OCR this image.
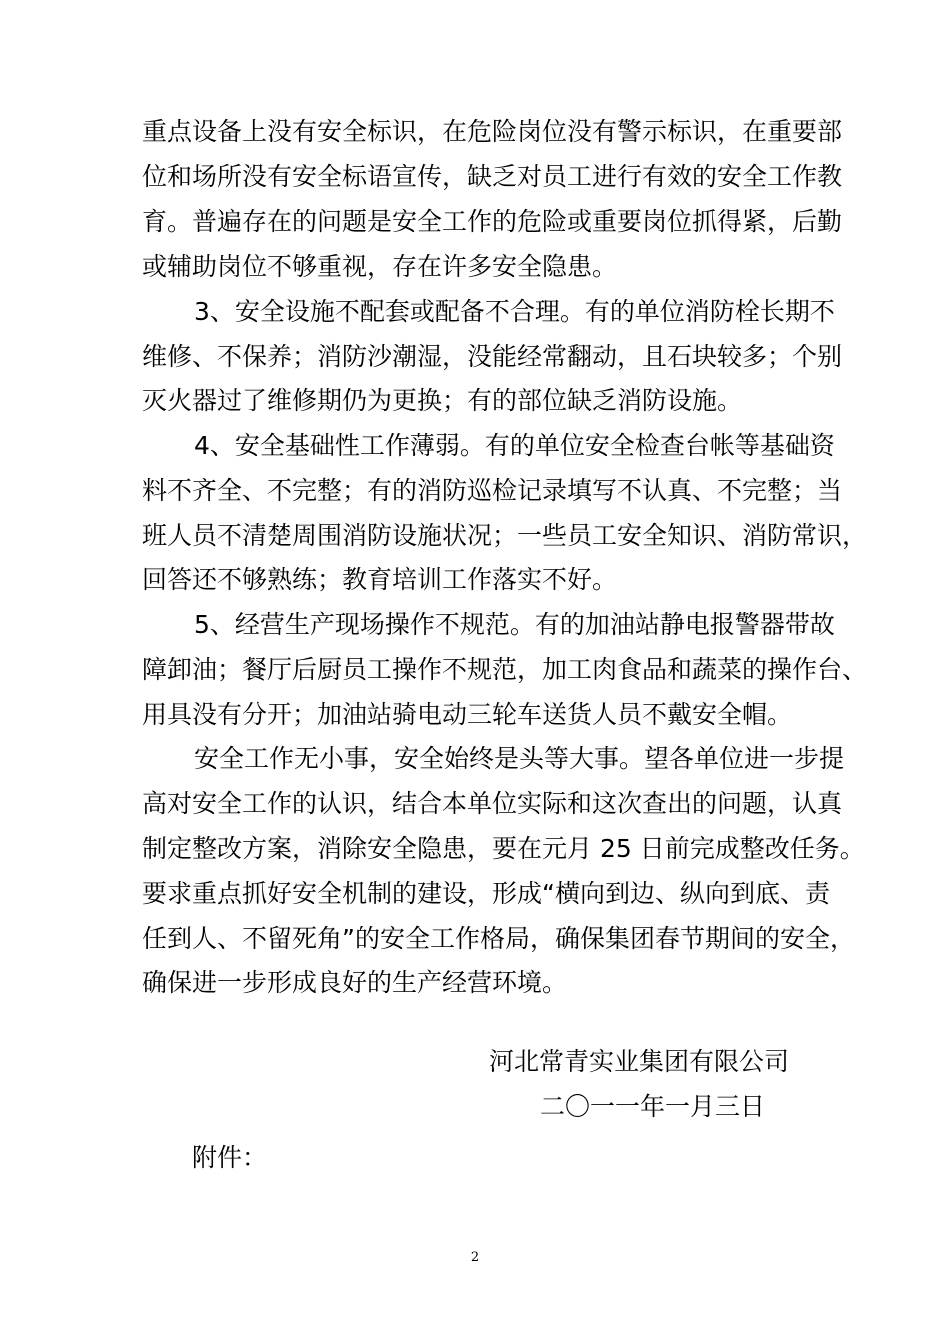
重点设备上没有安全标识，在危险岗位没有警示标识，在重要部
位和场所没有安全标语宣传，缺乏对员工进行有效的安全工作教
育。普遍存在的问题是安全工作的危险或重要岗位抓得紧，后勤
或辅助岗位不够重视，存在许多安全隐患。
3、安全设施不配套或配备不合理。有的单位消防栓长期不
维修、不保养；消防沙潮湿，没能经常翻动，且石块较多；个别
灭火器过了维修期仍为更换；有的部位缺乏消防设施。
4、安全基础性工作薄弱。有的单位安全检查台帐等基础资
料不齐全、不完整；有的消防巡检记录填写不认真、不完整；当
班人员不清楚周围消防设施状况；一些员工安全知识、消防常识，
回答还不够熟练；教育培训工作落实不好。
5、经营生产现场操作不规范。有的加油站静电报警器带故
障卸油；餐厅后厨员工操作不规范，加工肉食品和蔬菜的操作台、
用具没有分开；加油站骑电动三轮车送货人员不戴安全帽。
安全工作无小事，安全始终是头等大事。望各单位进一步提
高对安全工作的认识，结合本单位实际和这次查出的问题，认真
制定整改方案，消除安全隐患，要在元月 25 日前完成整改任务。
要求重点抓好安全机制的建设，形成“横向到边、纵向到底、责
任到人、不留死角”的安全工作格局，确保集团春节期间的安全，
确保进一步形成良好的生产经营环境。
河北常青实业集团有限公司
二〇一一年一月三日
附件：
2
